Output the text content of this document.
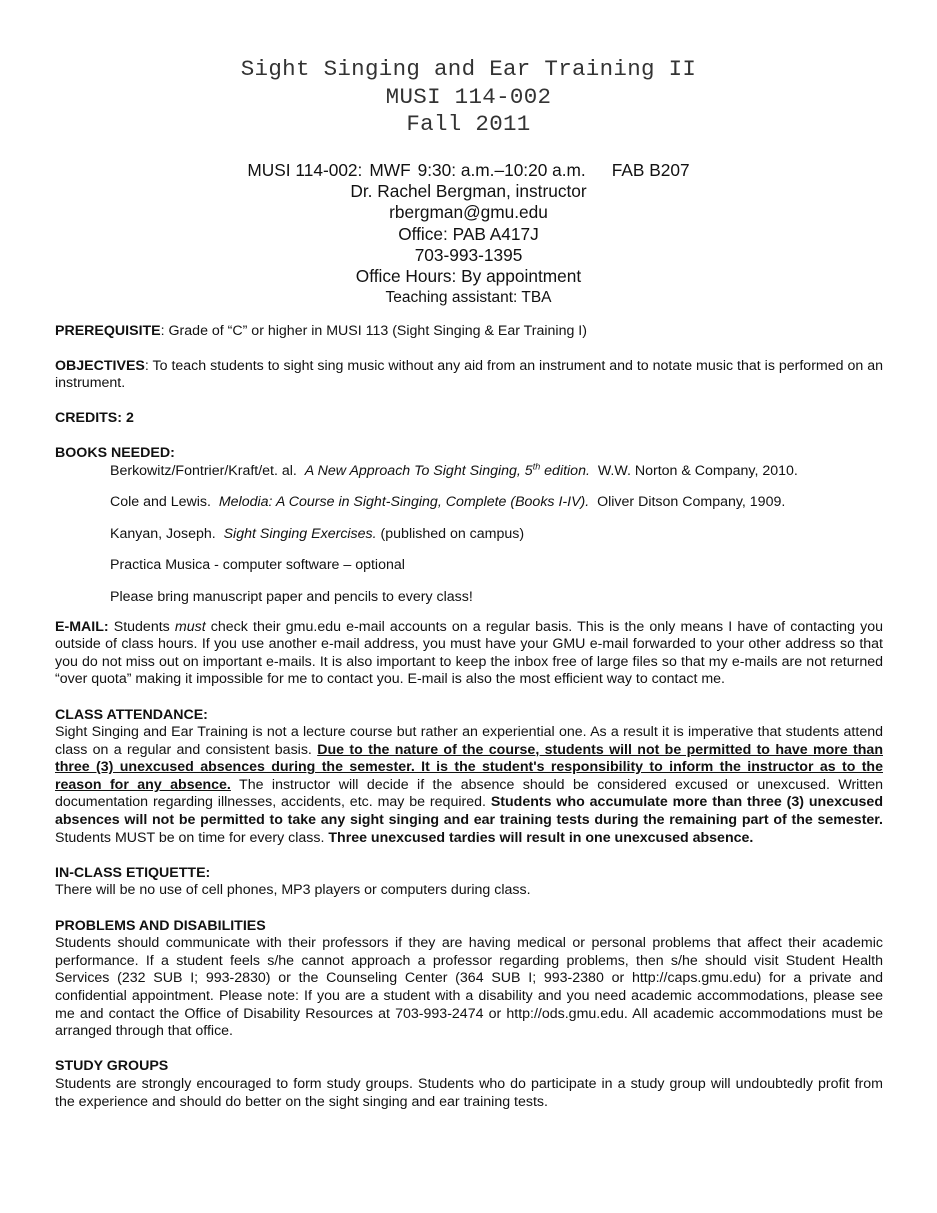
Sight Singing and Ear Training II
MUSI 114-002
Fall 2011
MUSI 114-002: MWF 9:30: a.m.–10:20 a.m. FAB B207
Dr. Rachel Bergman, instructor
rbergman@gmu.edu
Office: PAB A417J
703-993-1395
Office Hours: By appointment
Teaching assistant: TBA
PREREQUISITE: Grade of “C” or higher in MUSI 113 (Sight Singing & Ear Training I)
OBJECTIVES: To teach students to sight sing music without any aid from an instrument and to notate music that is performed on an instrument.
CREDITS: 2
BOOKS NEEDED:
Berkowitz/Fontrier/Kraft/et. al. A New Approach To Sight Singing, 5th edition. W.W. Norton & Company, 2010.
Cole and Lewis. Melodia: A Course in Sight-Singing, Complete (Books I-IV). Oliver Ditson Company, 1909.
Kanyan, Joseph. Sight Singing Exercises. (published on campus)
Practica Musica - computer software – optional
Please bring manuscript paper and pencils to every class!
E-MAIL: Students must check their gmu.edu e-mail accounts on a regular basis. This is the only means I have of contacting you outside of class hours. If you use another e-mail address, you must have your GMU e-mail forwarded to your other address so that you do not miss out on important e-mails. It is also important to keep the inbox free of large files so that my e-mails are not returned “over quota” making it impossible for me to contact you. E-mail is also the most efficient way to contact me.
CLASS ATTENDANCE:
Sight Singing and Ear Training is not a lecture course but rather an experiential one. As a result it is imperative that students attend class on a regular and consistent basis. Due to the nature of the course, students will not be permitted to have more than three (3) unexcused absences during the semester. It is the student's responsibility to inform the instructor as to the reason for any absence. The instructor will decide if the absence should be considered excused or unexcused. Written documentation regarding illnesses, accidents, etc. may be required. Students who accumulate more than three (3) unexcused absences will not be permitted to take any sight singing and ear training tests during the remaining part of the semester. Students MUST be on time for every class. Three unexcused tardies will result in one unexcused absence.
IN-CLASS ETIQUETTE:
There will be no use of cell phones, MP3 players or computers during class.
PROBLEMS AND DISABILITIES
Students should communicate with their professors if they are having medical or personal problems that affect their academic performance. If a student feels s/he cannot approach a professor regarding problems, then s/he should visit Student Health Services (232 SUB I; 993-2830) or the Counseling Center (364 SUB I; 993-2380 or http://caps.gmu.edu) for a private and confidential appointment. Please note: If you are a student with a disability and you need academic accommodations, please see me and contact the Office of Disability Resources at 703-993-2474 or http://ods.gmu.edu. All academic accommodations must be arranged through that office.
STUDY GROUPS
Students are strongly encouraged to form study groups. Students who do participate in a study group will undoubtedly profit from the experience and should do better on the sight singing and ear training tests.
